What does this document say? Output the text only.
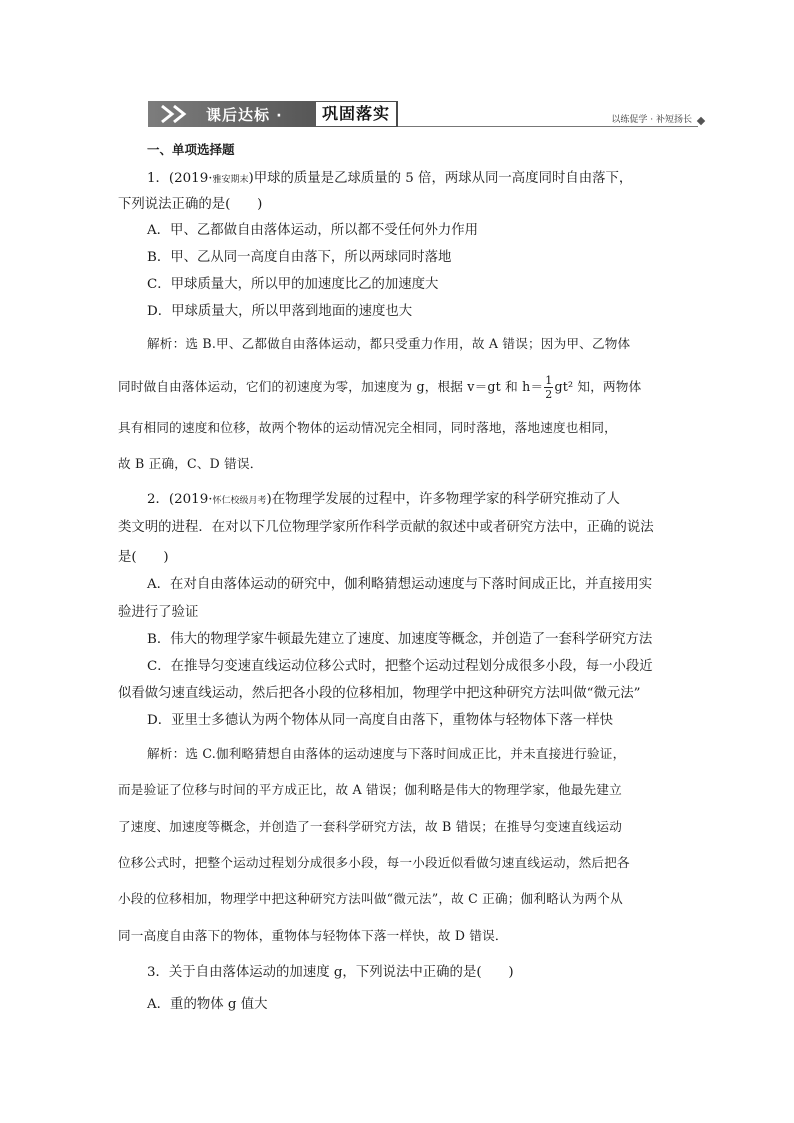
课后达标 ·	巩固落实	以练促学 · 补短扬长
一、单项选择题
1．(2019·雅安期末)甲球的质量是乙球质量的 5 倍，两球从同一高度同时自由落下，
下列说法正确的是(　　)
A．甲、乙都做自由落体运动，所以都不受任何外力作用
B．甲、乙从同一高度自由落下，所以两球同时落地
C．甲球质量大，所以甲的加速度比乙的加速度大
D．甲球质量大，所以甲落到地面的速度也大
解析：选 B.甲、乙都做自由落体运动，都只受重力作用，故 A 错误；因为甲、乙物体
同时做自由落体运动，它们的初速度为零，加速度为 g，根据 v＝gt 和 $h= \frac{1}{2} gt^2$ 知，两物体
具有相同的速度和位移，故两个物体的运动情况完全相同，同时落地，落地速度也相同，
故 B 正确，C、D 错误．
2．(2019·怀仁校级月考)在物理学发展的过程中，许多物理学家的科学研究推动了人
类文明的进程．在对以下几位物理学家所作科学贡献的叙述中或者研究方法中，正确的说法
是(　　)
A．在对自由落体运动的研究中，伽利略猜想运动速度与下落时间成正比，并直接用实
验进行了验证
B．伟大的物理学家牛顿最先建立了速度、加速度等概念，并创造了一套科学研究方法
C．在推导匀变速直线运动位移公式时，把整个运动过程划分成很多小段，每一小段近
似看做匀速直线运动，然后把各小段的位移相加，物理学中把这种研究方法叫做“微元法”
D．亚里士多德认为两个物体从同一高度自由落下，重物体与轻物体下落一样快
解析：选 C.伽利略猜想自由落体的运动速度与下落时间成正比，并未直接进行验证，
而是验证了位移与时间的平方成正比，故 A 错误；伽利略是伟大的物理学家，他最先建立
了速度、加速度等概念，并创造了一套科学研究方法，故 B 错误；在推导匀变速直线运动
位移公式时，把整个运动过程划分成很多小段，每一小段近似看做匀速直线运动，然后把各
小段的位移相加，物理学中把这种研究方法叫做“微元法”，故 C 正确；伽利略认为两个从
同一高度自由落下的物体，重物体与轻物体下落一样快，故 D 错误．
3．关于自由落体运动的加速度 g，下列说法中正确的是(　　)
A．重的物体 g 值大
